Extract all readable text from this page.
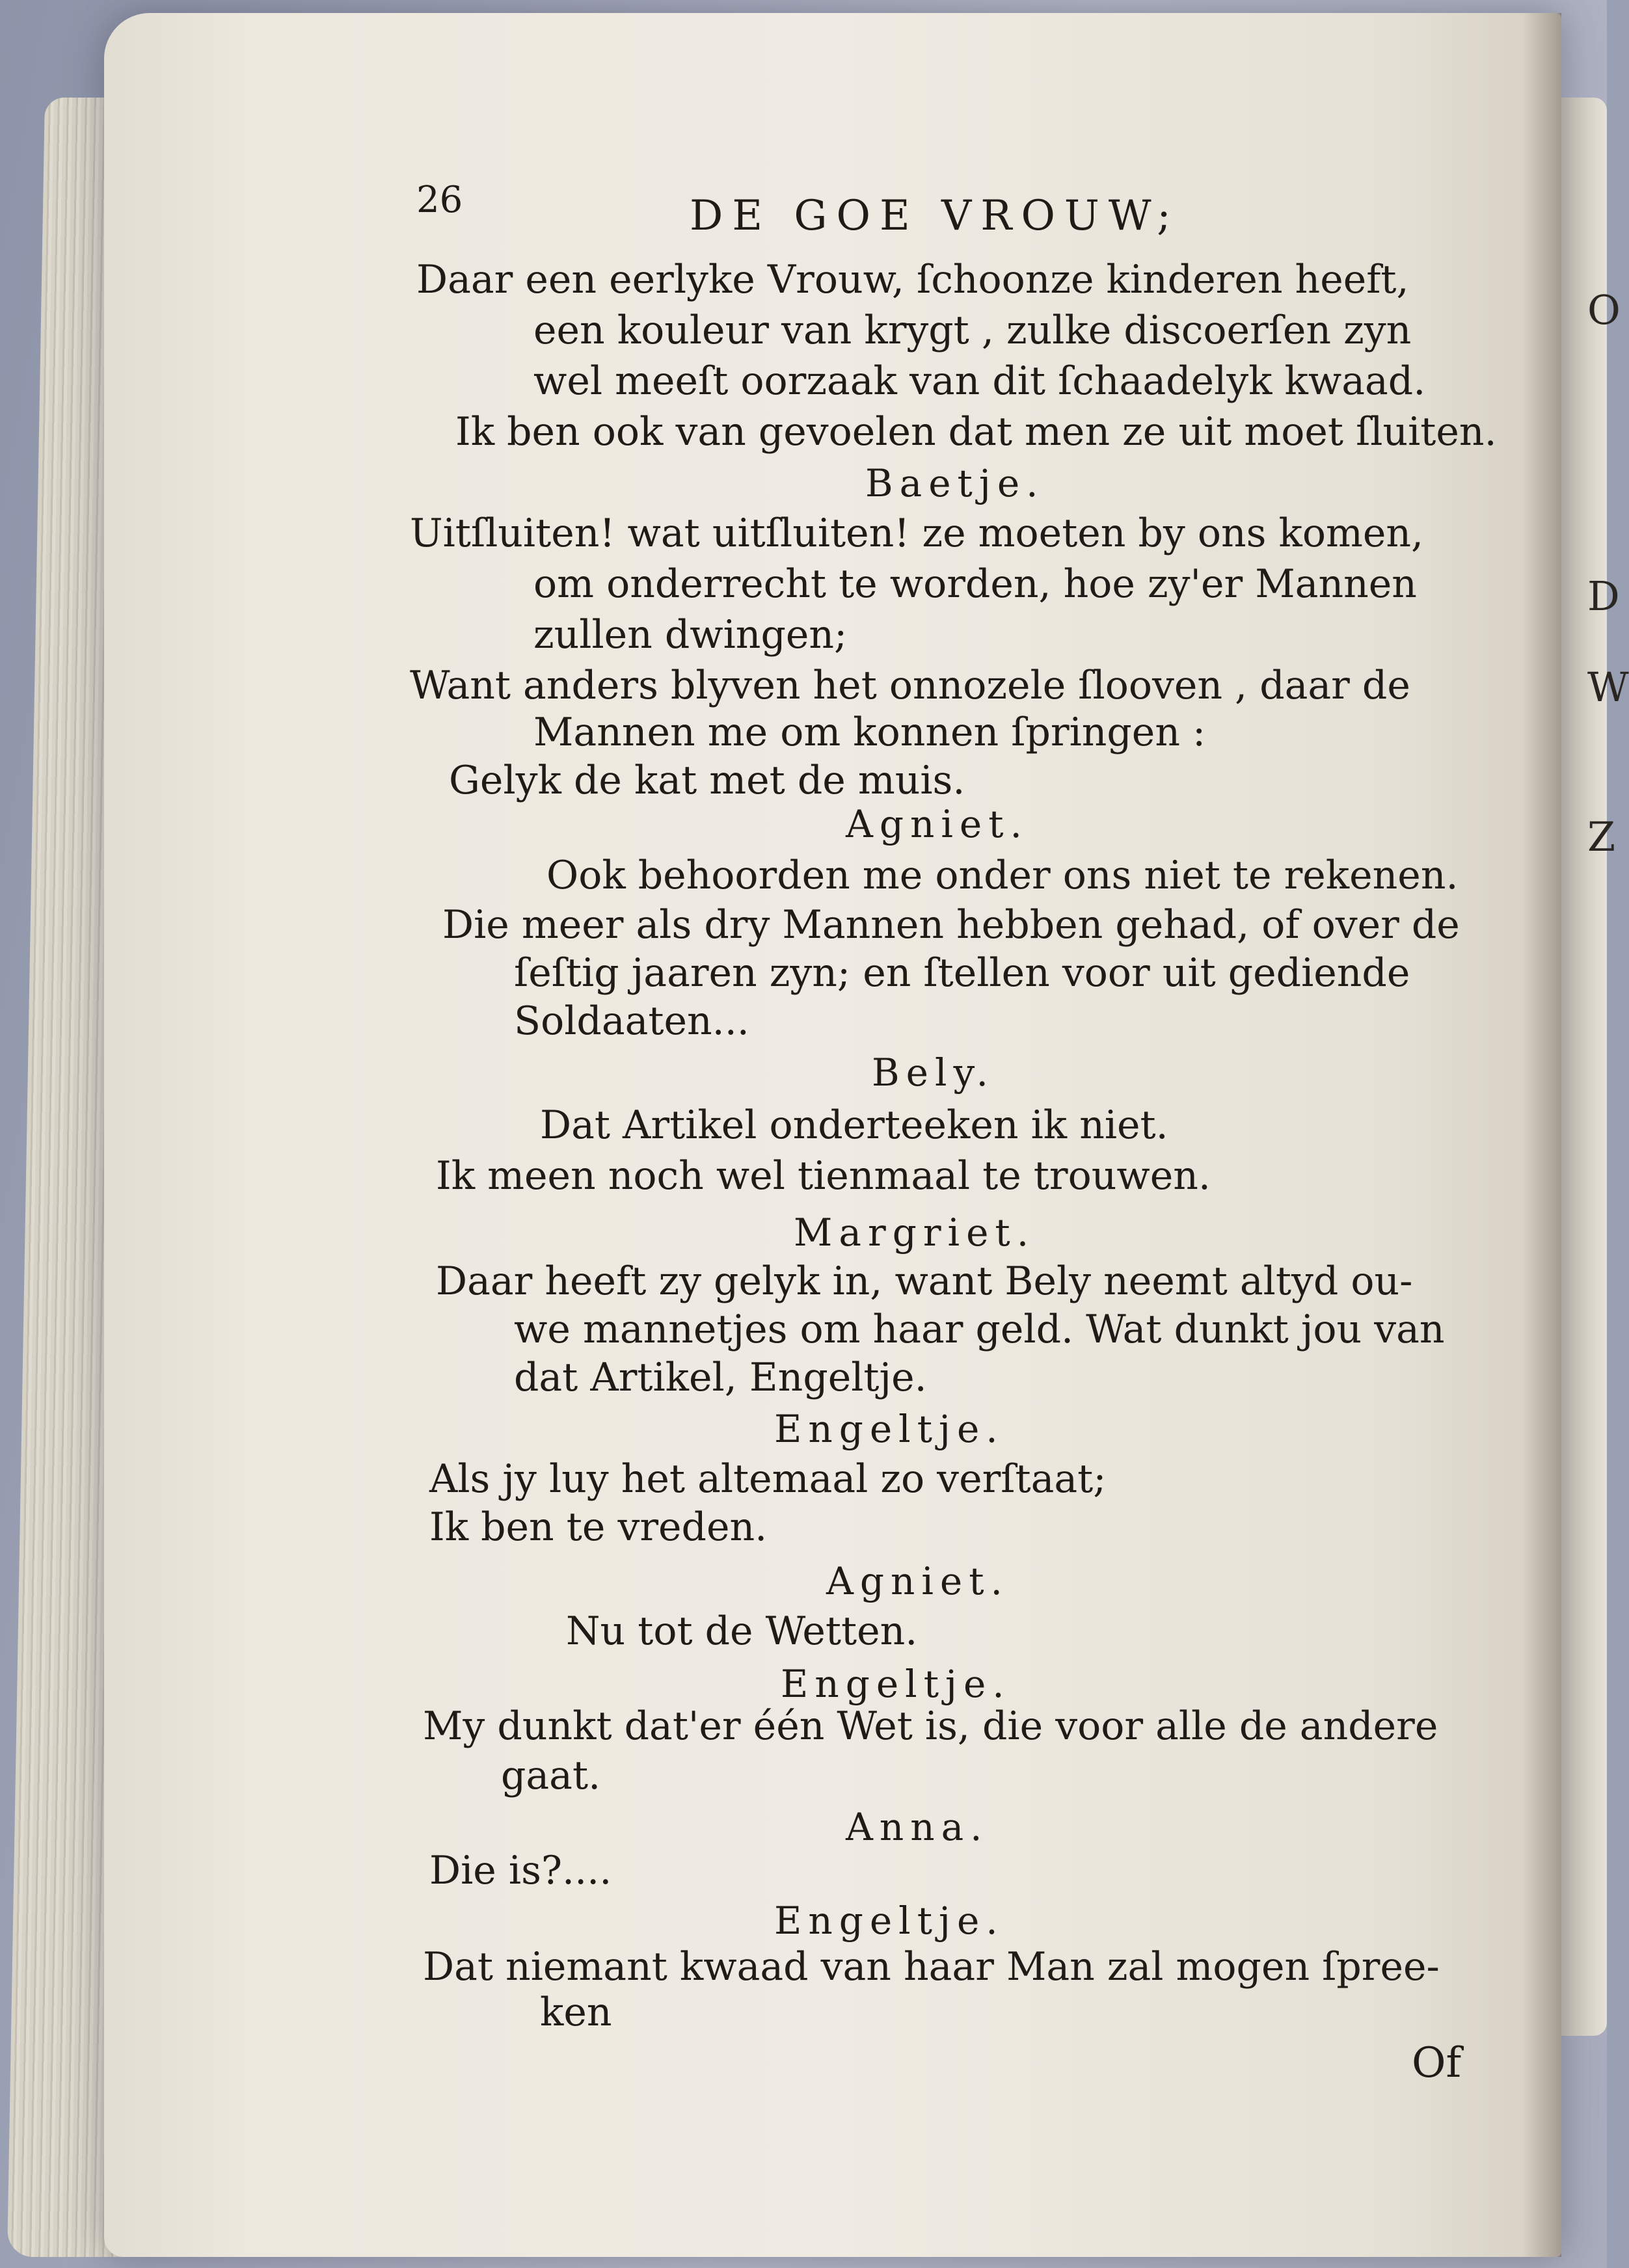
O
D
W
Z
26	DE GOE VROUW;
Daar een eerlyke Vrouw, ſchoonze kinderen heeft,
een kouleur van krygt , zulke discoerſen zyn
wel meeſt oorzaak van dit ſchaadelyk kwaad.
Ik ben ook van gevoelen dat men ze uit moet ſluiten.
Baetje.
Uitſluiten! wat uitſluiten! ze moeten by ons komen,
om onderrecht te worden, hoe zy'er Mannen
zullen dwingen;
Want anders blyven het onnozele ſlooven , daar de
Mannen me om konnen ſpringen :
Gelyk de kat met de muis.
Agniet.
Ook behoorden me onder ons niet te rekenen.
Die meer als dry Mannen hebben gehad, of over de
ſeſtig jaaren zyn; en ſtellen voor uit gediende
Soldaaten...
Bely.
Dat Artikel onderteeken ik niet.
Ik meen noch wel tienmaal te trouwen.
Margriet.
Daar heeft zy gelyk in, want Bely neemt altyd ou-
we mannetjes om haar geld. Wat dunkt jou van
dat Artikel, Engeltje.
Engeltje.
Als jy luy het altemaal zo verſtaat;
Ik ben te vreden.
Agniet.
Nu tot de Wetten.
Engeltje.
My dunkt dat'er één Wet is, die voor alle de andere
gaat.
Anna.
Die is?....
Engeltje.
Dat niemant kwaad van haar Man zal mogen ſpree-
ken
Of
